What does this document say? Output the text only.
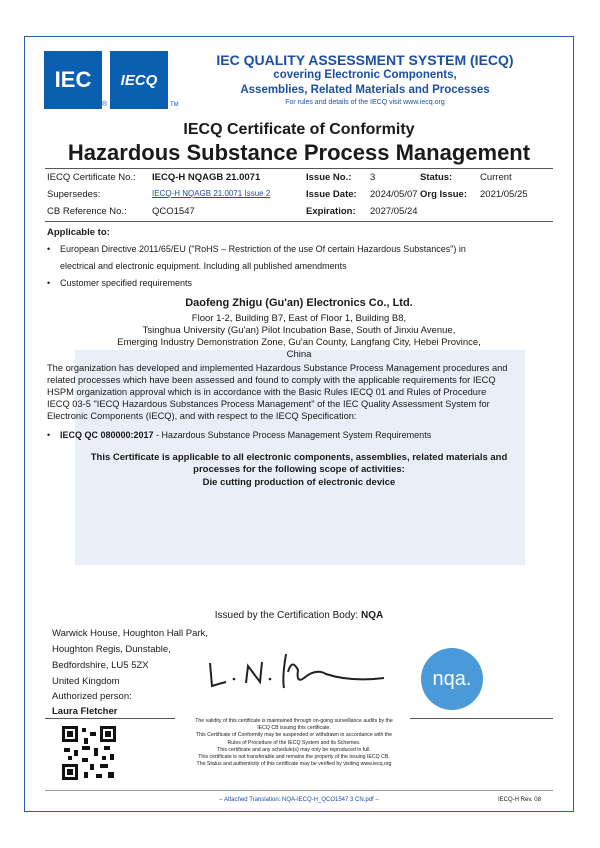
IEC
®
IECQ
TM
IEC QUALITY ASSESSMENT SYSTEM (IECQ)
covering Electronic Components,
Assemblies, Related Materials and Processes
For rules and details of the IECQ visit www.iecq.org
IECQ Certificate of Conformity
Hazardous Substance Process Management
IECQ Certificate No.: IECQ-H NQAGB 21.0071	Issue No.: 3	Status:	Current
Supersedes:	IECQ-H NQAGB 21.0071 Issue 2	Issue Date: 2024/05/07 Org Issue: 2021/05/25
CB Reference No.:	QCO1547	Expiration: 2027/05/24
Applicable to:
• European Directive 2011/65/EU ("RoHS – Restriction of the use Of certain Hazardous Substances") in
electrical and electronic equipment. Including all published amendments
• Customer specified requirements
Daofeng Zhigu (Gu'an) Electronics Co., Ltd.
Floor 1-2, Building B7, East of Floor 1, Building B8,
Tsinghua University (Gu'an) Pilot Incubation Base, South of Jinxiu Avenue,
Emerging Industry Demonstration Zone, Gu'an County, Langfang City, Hebei Province,
China
The organization has developed and implemented Hazardous Substance Process Management procedures and
related processes which have been assessed and found to comply with the applicable requirements for IECQ
HSPM organization approval which is in accordance with the Basic Rules IECQ 01 and Rules of Procedure
IECQ 03-5 "IECQ Hazardous Substances Process Management" of the IEC Quality Assessment System for
Electronic Components (IECQ), and with respect to the IECQ Specification:
• IECQ QC 080000:2017 - Hazardous Substance Process Management System Requirements
This Certificate is applicable to all electronic components, assemblies, related materials and
processes for the following scope of activities:
Die cutting production of electronic device
Issued by the Certification Body: NQA
Warwick House, Houghton Hall Park,
Houghton Regis, Dunstable,
Bedfordshire, LU5 5ZX
United Kingdom	nqa.
Authorized person:
Laura Fletcher
The validity of this certificate is maintained through on-going surveillance audits by the
IECQ CB issuing this certificate.
This Certificate of Conformity may be suspended or withdrawn in accordance with the
Rules of Procedure of the IECQ System and its Schemes.
This certificate and any schedule(s) may only be reproduced in full.
This certificate is not transferable and remains the property of the issuing IECQ CB.
The Status and authenticity of this certificate may be verified by visiting www.iecq.org
– Attached Translation: NQA-IECQ-H_QCO1547 3 CN.pdf –	IECQ-H Rev. 08
